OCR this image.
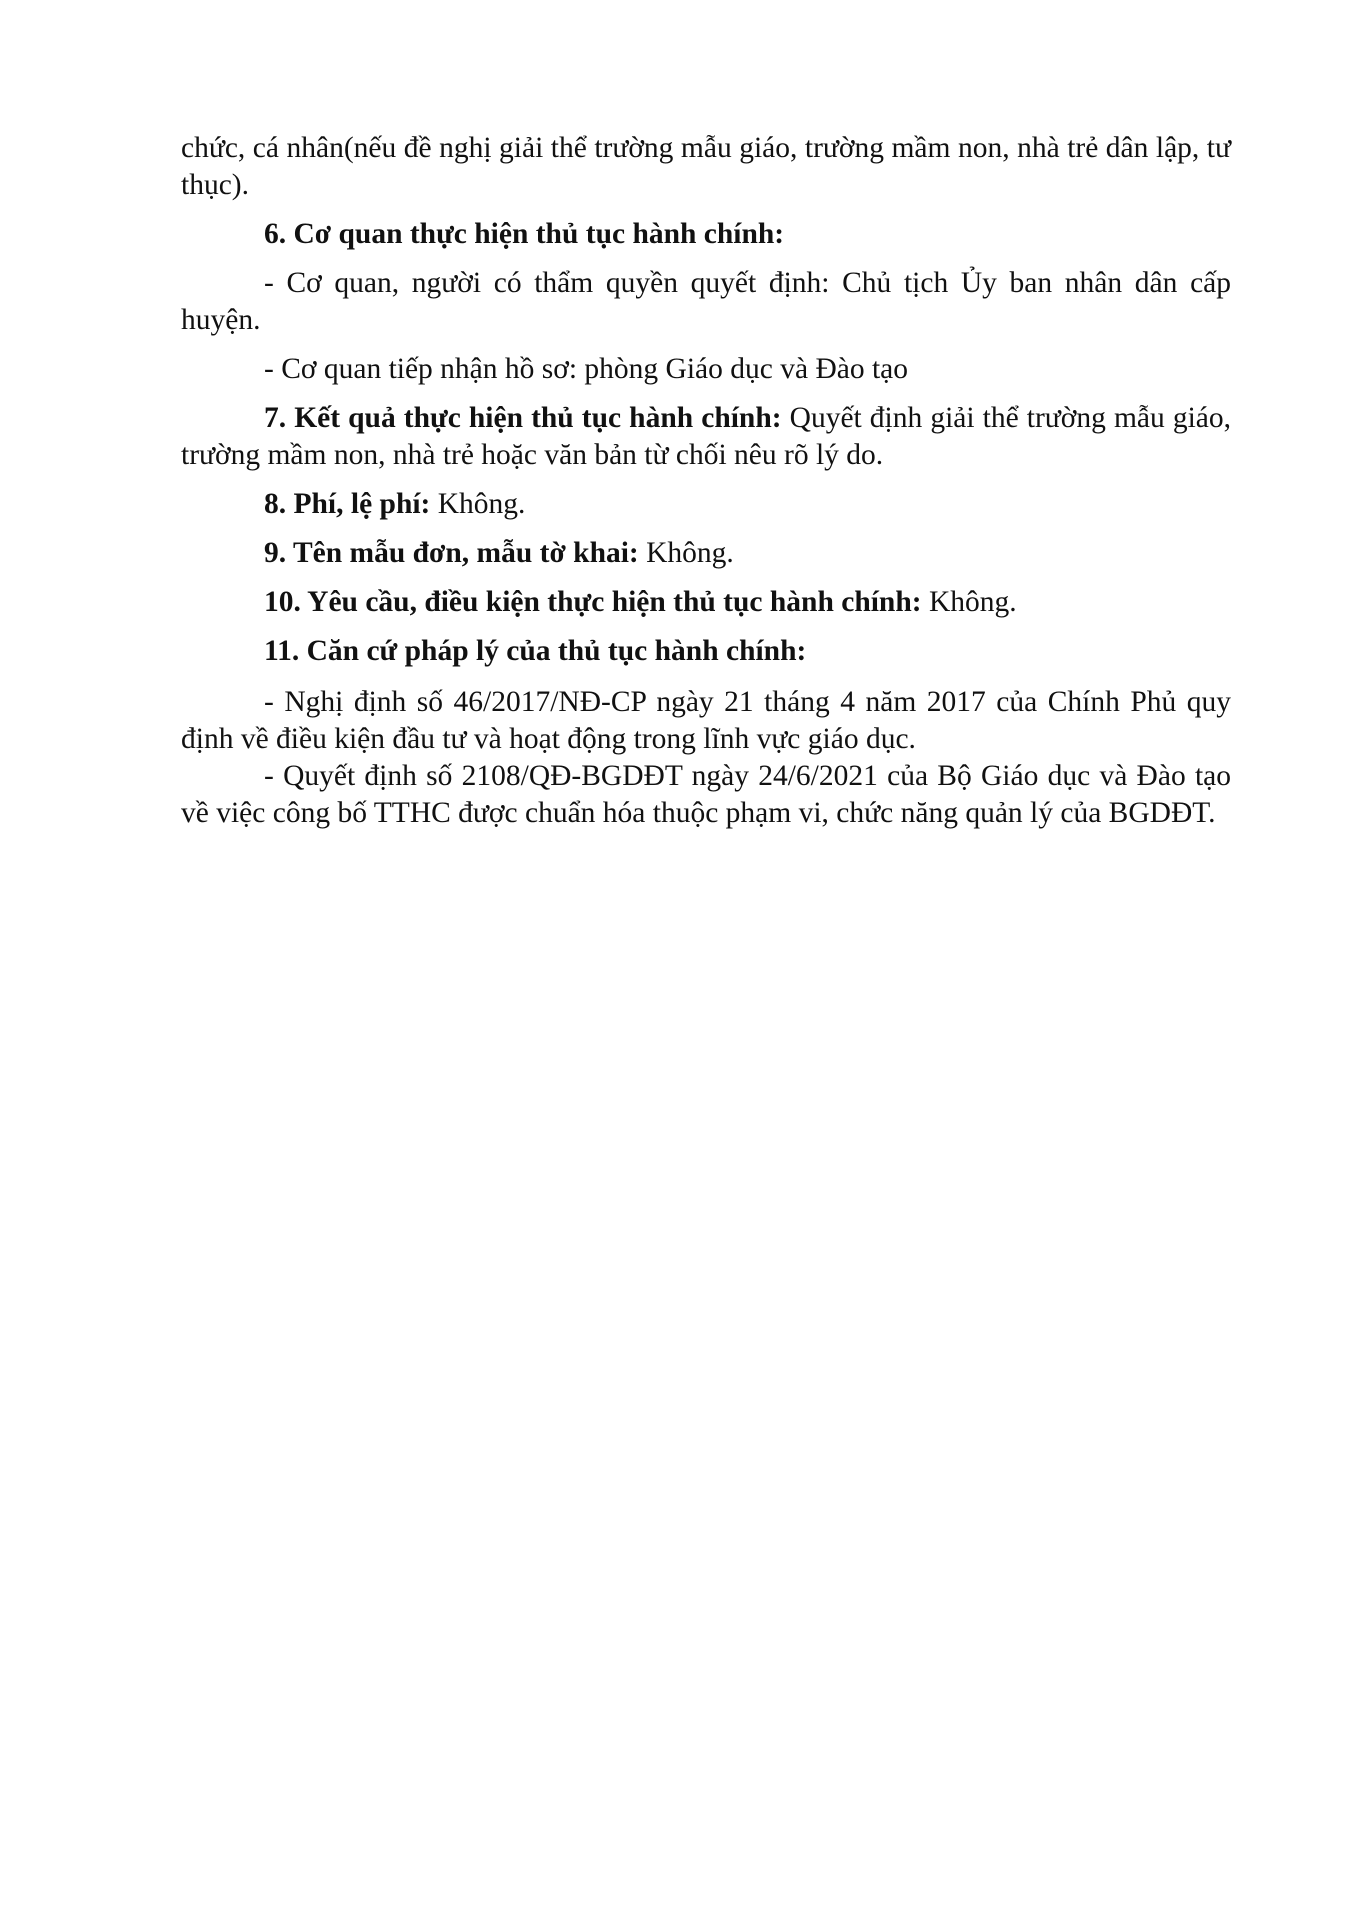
chức, cá nhân(nếu đề nghị giải thể trường mẫu giáo, trường mầm non, nhà trẻ dân lập, tư thục).

6. Cơ quan thực hiện thủ tục hành chính:

- Cơ quan, người có thẩm quyền quyết định: Chủ tịch Ủy ban nhân dân cấp huyện.

- Cơ quan tiếp nhận hồ sơ: phòng Giáo dục và Đào tạo

7. Kết quả thực hiện thủ tục hành chính: Quyết định giải thể trường mẫu giáo, trường mầm non, nhà trẻ hoặc văn bản từ chối nêu rõ lý do.

8. Phí, lệ phí: Không.

9. Tên mẫu đơn, mẫu tờ khai: Không.

10. Yêu cầu, điều kiện thực hiện thủ tục hành chính: Không.

11. Căn cứ pháp lý của thủ tục hành chính:

- Nghị định số 46/2017/NĐ-CP ngày 21 tháng 4 năm 2017 của Chính Phủ quy định về điều kiện đầu tư và hoạt động trong lĩnh vực giáo dục.

- Quyết định số 2108/QĐ-BGDĐT ngày 24/6/2021 của Bộ Giáo dục và Đào tạo về việc công bố TTHC được chuẩn hóa thuộc phạm vi, chức năng quản lý của BGDĐT.
